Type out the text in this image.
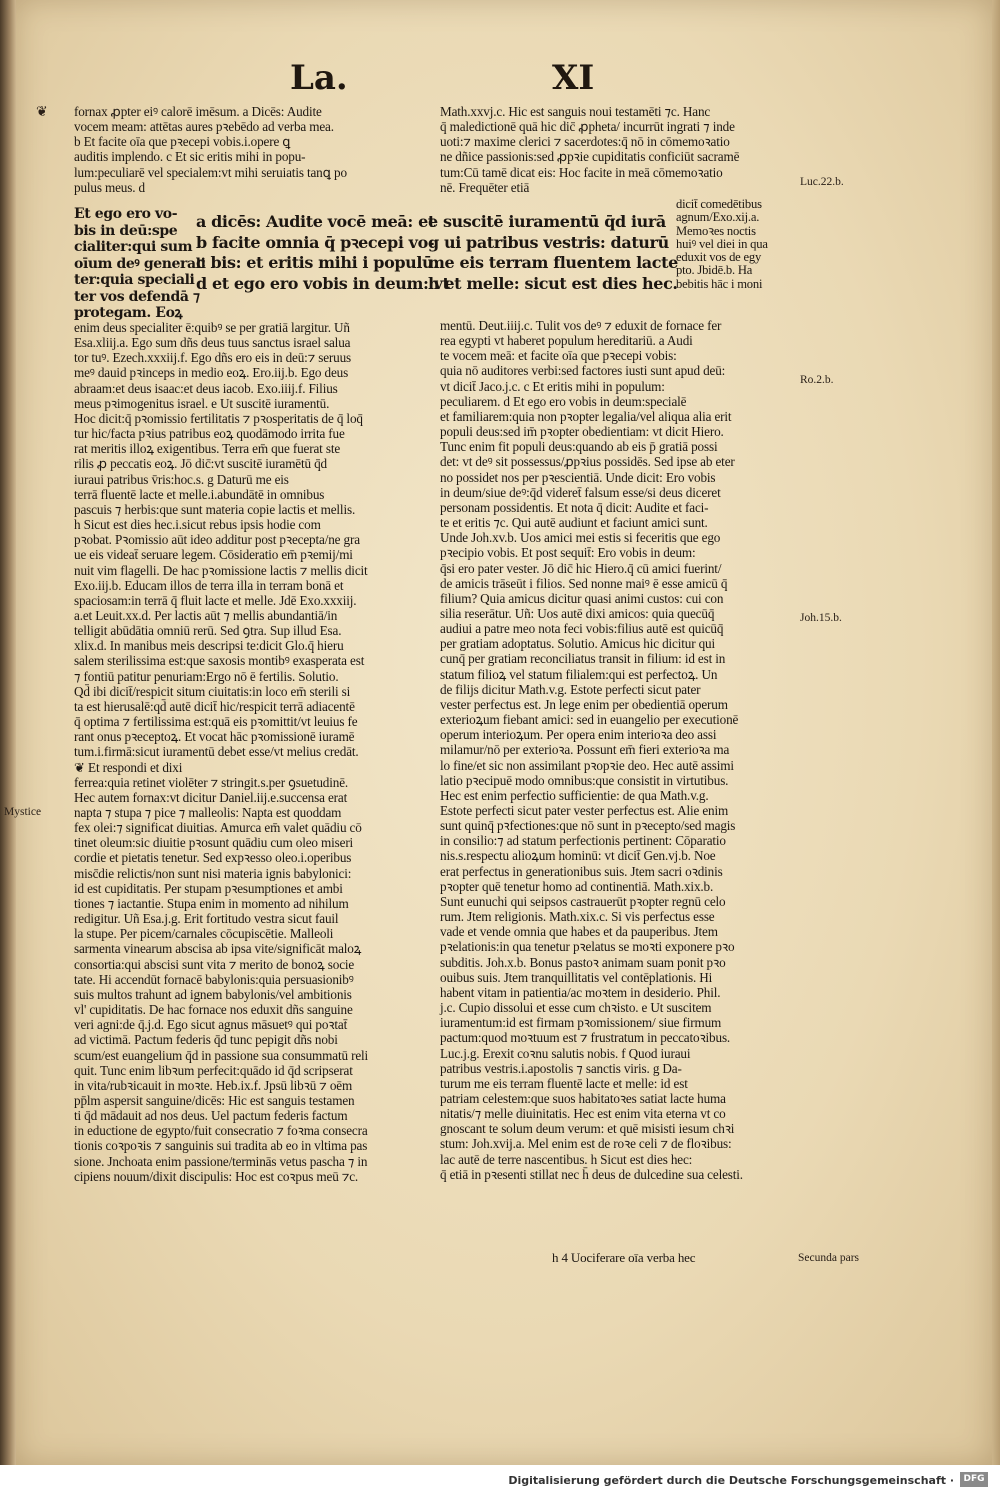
La.	XI
❦ fornax ꝓpter eiꝰ calorē imēsum. a Dicēs: Audite
vocem meam: attētas aures pꝛebēdo ad verba mea.
b Et facite oīa que pꝛecepi vobis.i.opere ꝗ
auditis implendo. c Et sic eritis mihi in popu-
lum:peculiarē vel specialem:vt mihi seruiatis tanꝗ po
pulus meus. d
Et ego ero vo-
bis in deū:spe
cialiter:qui sum
oīum deꝰ generali
ter:quia speciali
ter vos defendā ⁊
protegam. Eoꝝ
a dicēs: Audite vocē meā: et
b facite omnia q̄ pꝛecepi vo-
c bis: et eritis mihi i populū:
d et ego ero vobis in deum: vt
e suscitē iuramentū q̄d iurā
g ui patribus vestris: daturū
me eis terram fluentem lacte
h et melle: sicut est dies hec.
enim deus specialiter ē:quibꝰ se per gratiā largitur. Uñ
Esa.xliij.a. Ego sum dñs deus tuus sanctus israel salua
tor tuꝰ. Ezech.xxxiij.f. Ego dñs ero eis in deū:⁊ seruus
meꝰ dauid pꝛinceps in medio eoꝝ. Ero.iij.b. Ego deus
abraam:et deus isaac:et deus iacob. Exo.iiij.f. Filius
meus pꝛimogenitus israel. e Ut suscitē iuramentū.
Hoc dicit:q̄ pꝛomissio fertilitatis ⁊ pꝛosperitatis de q̄ loq̄
tur hic/facta pꝛius patribus eoꝝ quodāmodo irrita fue
rat meritis illoꝝ exigentibus. Terra em̄ que fuerat ste
rilis ꝓ peccatis eoꝝ. Jō dic̄:vt suscitē iuramētū q̄d
iuraui patribus v̄ris:hoc.s. g Daturū me eis
terrā fluentē lacte et melle.i.abundātē in omnibus
pascuis ⁊ herbis:que sunt materia copie lactis et mellis.
h Sicut est dies hec.i.sicut rebus ipsis hodie com
pꝛobat. Pꝛomissio aūt ideo additur post pꝛecepta/ne gra
ue eis videat̄ seruare legem. Cōsideratio em̄ pꝛemij/mi
nuit vim flagelli. De hac pꝛomissione lactis ⁊ mellis dicit
Exo.iij.b. Educam illos de terra illa in terram bonā et
spaciosam:in terrā q̄ fluit lacte et melle. Jdē Exo.xxxiij.
a.et Leuit.xx.d. Per lactis aūt ⁊ mellis abundantiā/in
telligit abūdātia omniū rerū. Sed ꝯtra. Sup illud Esa.
xlix.d. In manibus meis descripsi te:dicit Glo.q̄ hieru
salem sterilissima est:que saxosis montibꝰ exasperata est
⁊ fontiū patitur penuriam:Ergo nō ē fertilis. Solutio.
Qd̄ ibi dicit̄/respicit situm ciuitatis:in loco em̄ sterili si
ta est hierusalē:qd̄ autē dicit̄ hic/respicit terrā adiacentē
q̄ optima ⁊ fertilissima est:quā eis pꝛomittit/vt leuius fe
rant onus pꝛeceptoꝝ. Et vocat hāc pꝛomissionē iuramē
tum.i.firmā:sicut iuramentū debet esse/vt melius credāt.
❦ Et respondi et dixi
ferrea:quia retinet violēter ⁊ stringit.s.per ꝯsuetudinē.
Hec autem fornax:vt dicitur Daniel.iij.e.succensa erat
napta ⁊ stupa ⁊ pice ⁊ malleolis: Napta est quoddam
fex olei:⁊ significat diuitias. Amurca em̄ valet quādiu cō
tinet oleum:sic diuitie pꝛosunt quādiu cum oleo miseri
cordie et pietatis tenetur. Sed expꝛesso oleo.i.operibus
misc̄die relictis/non sunt nisi materia ignis babylonici:
id est cupiditatis. Per stupam pꝛesumptiones et ambi
tiones ⁊ iactantie. Stupa enim in momento ad nihilum
redigitur. Uñ Esa.j.g. Erit fortitudo vestra sicut fauil
la stupe. Per picem/carnales cōcupiscētie. Malleoli
sarmenta vinearum abscisa ab ipsa vite/significāt maloꝝ
consortia:qui abscisi sunt vita ⁊ merito de bonoꝝ socie
tate. Hi accendūt fornacē babylonis:quia persuasionibꝰ
suis multos trahunt ad ignem babylonis/vel ambitionis
vl' cupiditatis. De hac fornace nos eduxit dñs sanguine
veri agni:de q̄.j.d. Ego sicut agnus māsuetꝰ qui poꝛtat̄
ad victimā. Pactum federis q̄d tunc pepigit dñs nobi
scum/est euangelium q̄d in passione sua consummatū reli
quit. Tunc enim libꝛum perfecit:quādo id q̄d scripserat
in vita/rubꝛicauit in moꝛte. Heb.ix.f. Jpsū libꝛū ⁊ oēm
pp̄lm aspersit sanguine/dicēs: Hic est sanguis testamen
ti q̄d mādauit ad nos deus. Uel pactum federis factum
in eductione de egypto/fuit consecratio ⁊ foꝛma consecra
tionis coꝛpoꝛis ⁊ sanguinis sui tradita ab eo in vltima pas
sione. Jnchoata enim passione/terminās vetus pascha ⁊ in
cipiens nouum/dixit discipulis: Hoc est coꝛpus meū ⁊c.
Math.xxvj.c. Hic est sanguis noui testamēti ⁊c. Hanc
q̄ maledictionē quā hic dic̄ ꝓpheta/ incurrūt ingrati ⁊ inde
uoti:⁊ maxime clerici ⁊ sacerdotes:q̄ nō in cōmemoꝛatio
ne dñice passionis:sed ꝓpꝛie cupiditatis conficiūt sacramē
tum:Cū tamē dicat eis: Hoc facite in meā cōmemoꝛatio
nē. Frequēter etiā
dicit̄ comedētibus
agnum/Exo.xij.a.
Memoꝛes noctis
huiꝰ vel diei in qua
eduxit vos de egy
pto. Jbidē.b. Ha
bebitis hāc i moni
mentū. Deut.iiij.c. Tulit vos deꝰ ⁊ eduxit de fornace fer
rea egypti vt haberet populum hereditariū. a Audi
te vocem meā: et facite oīa que pꝛecepi vobis:
quia nō auditores verbi:sed factores iusti sunt apud deū:
vt dicit̄ Jaco.j.c. c Et eritis mihi in populum:
peculiarem. d Et ego ero vobis in deum:specialē
et familiarem:quia non pꝛopter legalia/vel aliqua alia erit
populi deus:sed im̄ pꝛopter obedientiam: vt dicit Hiero.
Tunc enim fit populi deus:quando ab eis p̄ gratiā possi
det: vt deꝰ sit possessus/ꝓpꝛius possidēs. Sed ipse ab eter
no possidet nos per pꝛescientiā. Unde dicit: Ero vobis
in deum/siue deꝰ:q̄d videret̄ falsum esse/si deus diceret
personam possidentis. Et nota q̄ dicit: Audite et faci-
te et eritis ⁊c. Qui autē audiunt et faciunt amici sunt.
Unde Joh.xv.b. Uos amici mei estis si feceritis que ego
pꝛecipio vobis. Et post sequit̄: Ero vobis in deum:
q̄si ero pater vester. Jō dic̄ hic Hiero.q̄ cū amici fuerint/
de amicis trāseūt i filios. Sed nonne maiꝰ ē esse amicū q̄
filium? Quia amicus dicitur quasi animi custos: cui con
silia reserātur. Uñ: Uos autē dixi amicos: quia quecūq̄
audiui a patre meo nota feci vobis:filius autē est quicūq̄
per gratiam adoptatus. Solutio. Amicus hic dicitur qui
cunq̄ per gratiam reconciliatus transit in filium: id est in
statum filioꝝ vel statum filialem:qui est perfectoꝝ. Un
de filijs dicitur Math.v.g. Estote perfecti sicut pater
vester perfectus est. Jn lege enim per obedientiā operum
exterioꝝum fiebant amici: sed in euangelio per executionē
operum interioꝝum. Per opera enim interioꝛa deo assi
milamur/nō per exterioꝛa. Possunt em̄ fieri exterioꝛa ma
lo fine/et sic non assimilant pꝛopꝛie deo. Hec autē assimi
latio pꝛecipuē modo omnibus:que consistit in virtutibus.
Hec est enim perfectio sufficientie: de qua Math.v.g.
Estote perfecti sicut pater vester perfectus est. Alie enim
sunt quinq̄ pꝛfectiones:que nō sunt in pꝛecepto/sed magis
in consilio:⁊ ad statum perfectionis pertinent: Cōparatio
nis.s.respectu alioꝝum hominū: vt dicit̄ Gen.vj.b. Noe
erat perfectus in generationibus suis. Jtem sacri oꝛdinis
pꝛopter quē tenetur homo ad continentiā. Math.xix.b.
Sunt eunuchi qui seipsos castrauerūt pꝛopter regnū celo
rum. Jtem religionis. Math.xix.c. Si vis perfectus esse
vade et vende omnia que habes et da pauperibus. Jtem
pꝛelationis:in qua tenetur pꝛelatus se moꝛti exponere pꝛo
subditis. Joh.x.b. Bonus pastoꝛ animam suam ponit pꝛo
ouibus suis. Jtem tranquillitatis vel contēplationis. Hi
habent vitam in patientia/ac moꝛtem in desiderio. Phil.
j.c. Cupio dissolui et esse cum chꝛisto. e Ut suscitem
iuramentum:id est firmam pꝛomissionem/ siue firmum
pactum:quod moꝛtuum est ⁊ frustratum in peccatoꝛibus.
Luc.j.g. Erexit coꝛnu salutis nobis. f Quod iuraui
patribus vestris.i.apostolis ⁊ sanctis viris. g Da-
turum me eis terram fluentē lacte et melle: id est
patriam celestem:que suos habitatoꝛes satiat lacte huma
nitatis/⁊ melle diuinitatis. Hec est enim vita eterna vt co
gnoscant te solum deum verum: et quē misisti iesum chꝛi
stum: Joh.xvij.a. Mel enim est de roꝛe celi ⁊ de floꝛibus:
lac autē de terre nascentibus. h Sicut est dies hec:
q̄ etiā in pꝛesenti stillat nec h̄ deus de dulcedine sua celesti.
h 4 Uociferare oīa verba hec
Luc.22.b.
Ro.2.b.
Joh.15.b.
Mystice
Secunda pars
Digitalisierung gefördert durch die Deutsche Forschungsgemeinschaft ·	DFG
